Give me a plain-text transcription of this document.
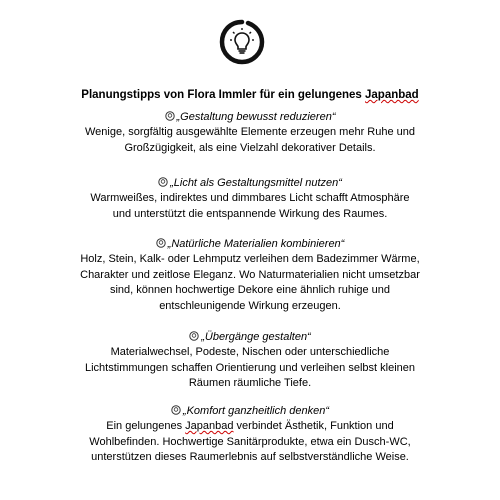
Planungstipps von Flora Immler für ein gelungenes Japanbad
„Gestaltung bewusst reduzieren“

Wenige, sorgfältig ausgewählte Elemente erzeugen mehr Ruhe und

Großzügigkeit, als eine Vielzahl dekorativer Details.

„Licht als Gestaltungsmittel nutzen“

Warmweißes, indirektes und dimmbares Licht schafft Atmosphäre

und unterstützt die entspannende Wirkung des Raumes.

„Natürliche Materialien kombinieren“

Holz, Stein, Kalk- oder Lehmputz verleihen dem Badezimmer Wärme,

Charakter und zeitlose Eleganz. Wo Naturmaterialien nicht umsetzbar

sind, können hochwertige Dekore eine ähnlich ruhige und

entschleunigende Wirkung erzeugen.

„Übergänge gestalten“

Materialwechsel, Podeste, Nischen oder unterschiedliche

Lichtstimmungen schaffen Orientierung und verleihen selbst kleinen

Räumen räumliche Tiefe.

„Komfort ganzheitlich denken“

Ein gelungenes Japanbad verbindet Ästhetik, Funktion und

Wohlbefinden. Hochwertige Sanitärprodukte, etwa ein Dusch-WC,

unterstützen dieses Raumerlebnis auf selbstverständliche Weise.
